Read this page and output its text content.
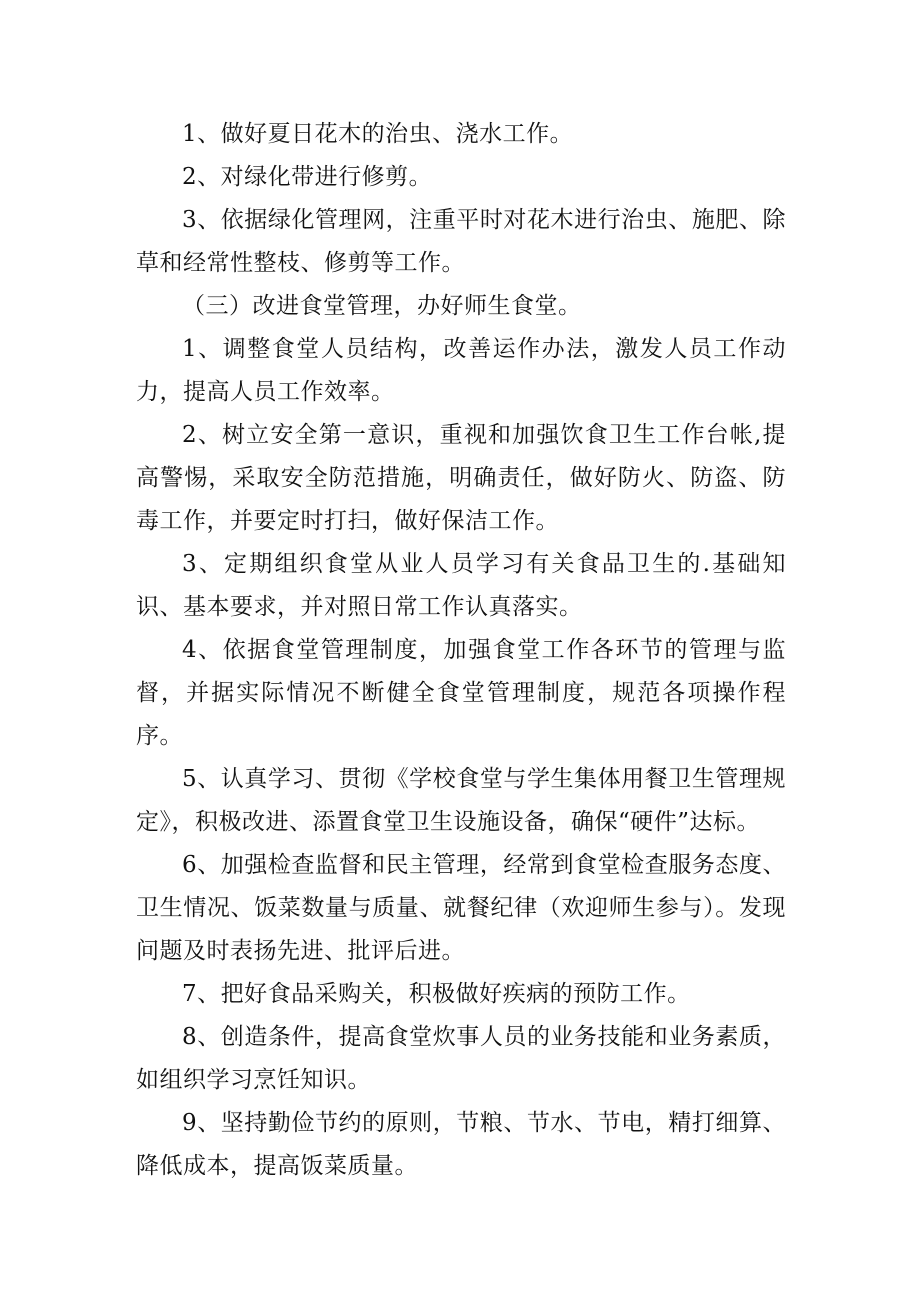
1、做好夏日花木的治虫、浇水工作。

2、对绿化带进行修剪。

3、依据绿化管理网，注重平时对花木进行治虫、施肥、除草和经常性整枝、修剪等工作。

（三）改进食堂管理，办好师生食堂。

1、调整食堂人员结构，改善运作办法，激发人员工作动力，提高人员工作效率。

2、树立安全第一意识，重视和加强饮食卫生工作台帐,提高警惕，采取安全防范措施，明确责任，做好防火、防盗、防毒工作，并要定时打扫，做好保洁工作。

3、定期组织食堂从业人员学习有关食品卫生的.基础知识、基本要求，并对照日常工作认真落实。

4、依据食堂管理制度，加强食堂工作各环节的管理与监督，并据实际情况不断健全食堂管理制度，规范各项操作程序。

5、认真学习、贯彻《学校食堂与学生集体用餐卫生管理规定》，积极改进、添置食堂卫生设施设备，确保“硬件”达标。

6、加强检查监督和民主管理，经常到食堂检查服务态度、卫生情况、饭菜数量与质量、就餐纪律（欢迎师生参与）。发现问题及时表扬先进、批评后进。

7、把好食品采购关，积极做好疾病的预防工作。

8、创造条件，提高食堂炊事人员的业务技能和业务素质，如组织学习烹饪知识。

9、坚持勤俭节约的原则，节粮、节水、节电，精打细算、降低成本，提高饭菜质量。
